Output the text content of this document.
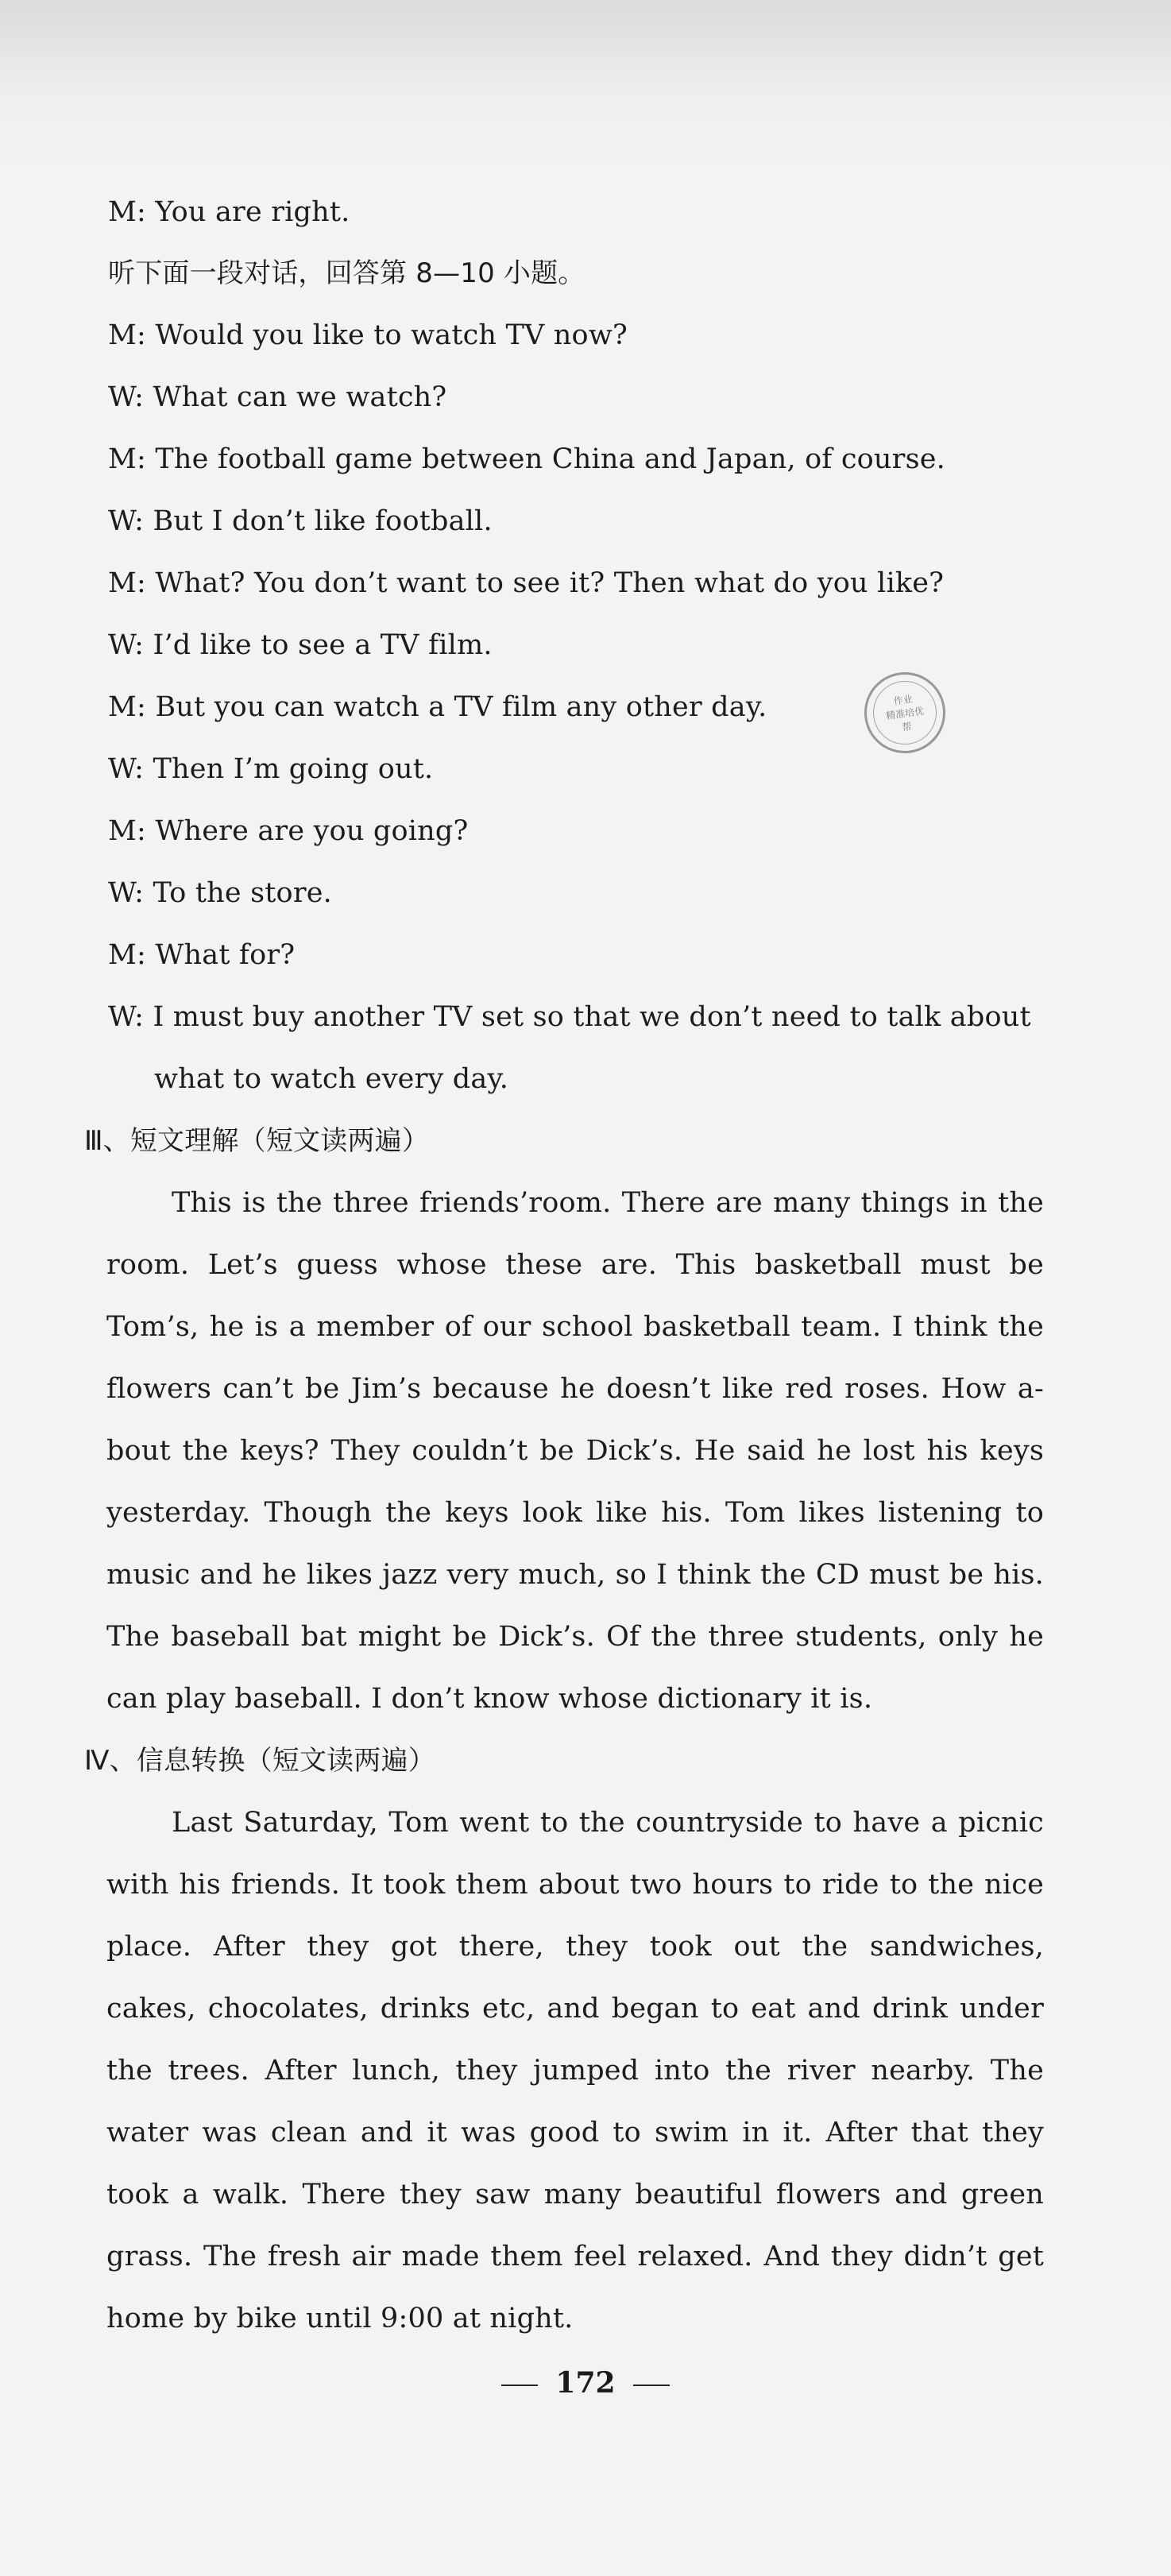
M: You are right.
听下面一段对话，回答第 8—10 小题。
M: Would you like to watch TV now?
W: What can we watch?
M: The football game between China and Japan, of course.
W: But I don’t like football.
M: What? You don’t want to see it? Then what do you like?
W: I’d like to see a TV film.
M: But you can watch a TV film any other day.
W: Then I’m going out.
M: Where are you going?
W: To the store.
M: What for?
W: I must buy another TV set so that we don’t need to talk about
what to watch every day.
作业
精准培优
帮
Ⅲ、短文理解（短文读两遍）
This is the three friends’room. There are many things in the
room. Let’s guess whose these are. This basketball must be
Tom’s, he is a member of our school basketball team. I think the
flowers can’t be Jim’s because he doesn’t like red roses. How a-
bout the keys? They couldn’t be Dick’s. He said he lost his keys
yesterday. Though the keys look like his. Tom likes listening to
music and he likes jazz very much, so I think the CD must be his.
The baseball bat might be Dick’s. Of the three students, only he
can play baseball. I don’t know whose dictionary it is.
Ⅳ、信息转换（短文读两遍）
Last Saturday, Tom went to the countryside to have a picnic
with his friends. It took them about two hours to ride to the nice
place. After they got there, they took out the sandwiches,
cakes, chocolates, drinks etc, and began to eat and drink under
the trees. After lunch, they jumped into the river nearby. The
water was clean and it was good to swim in it. After that they
took a walk. There they saw many beautiful flowers and green
grass. The fresh air made them feel relaxed. And they didn’t get
home by bike until 9:00 at night.
172
